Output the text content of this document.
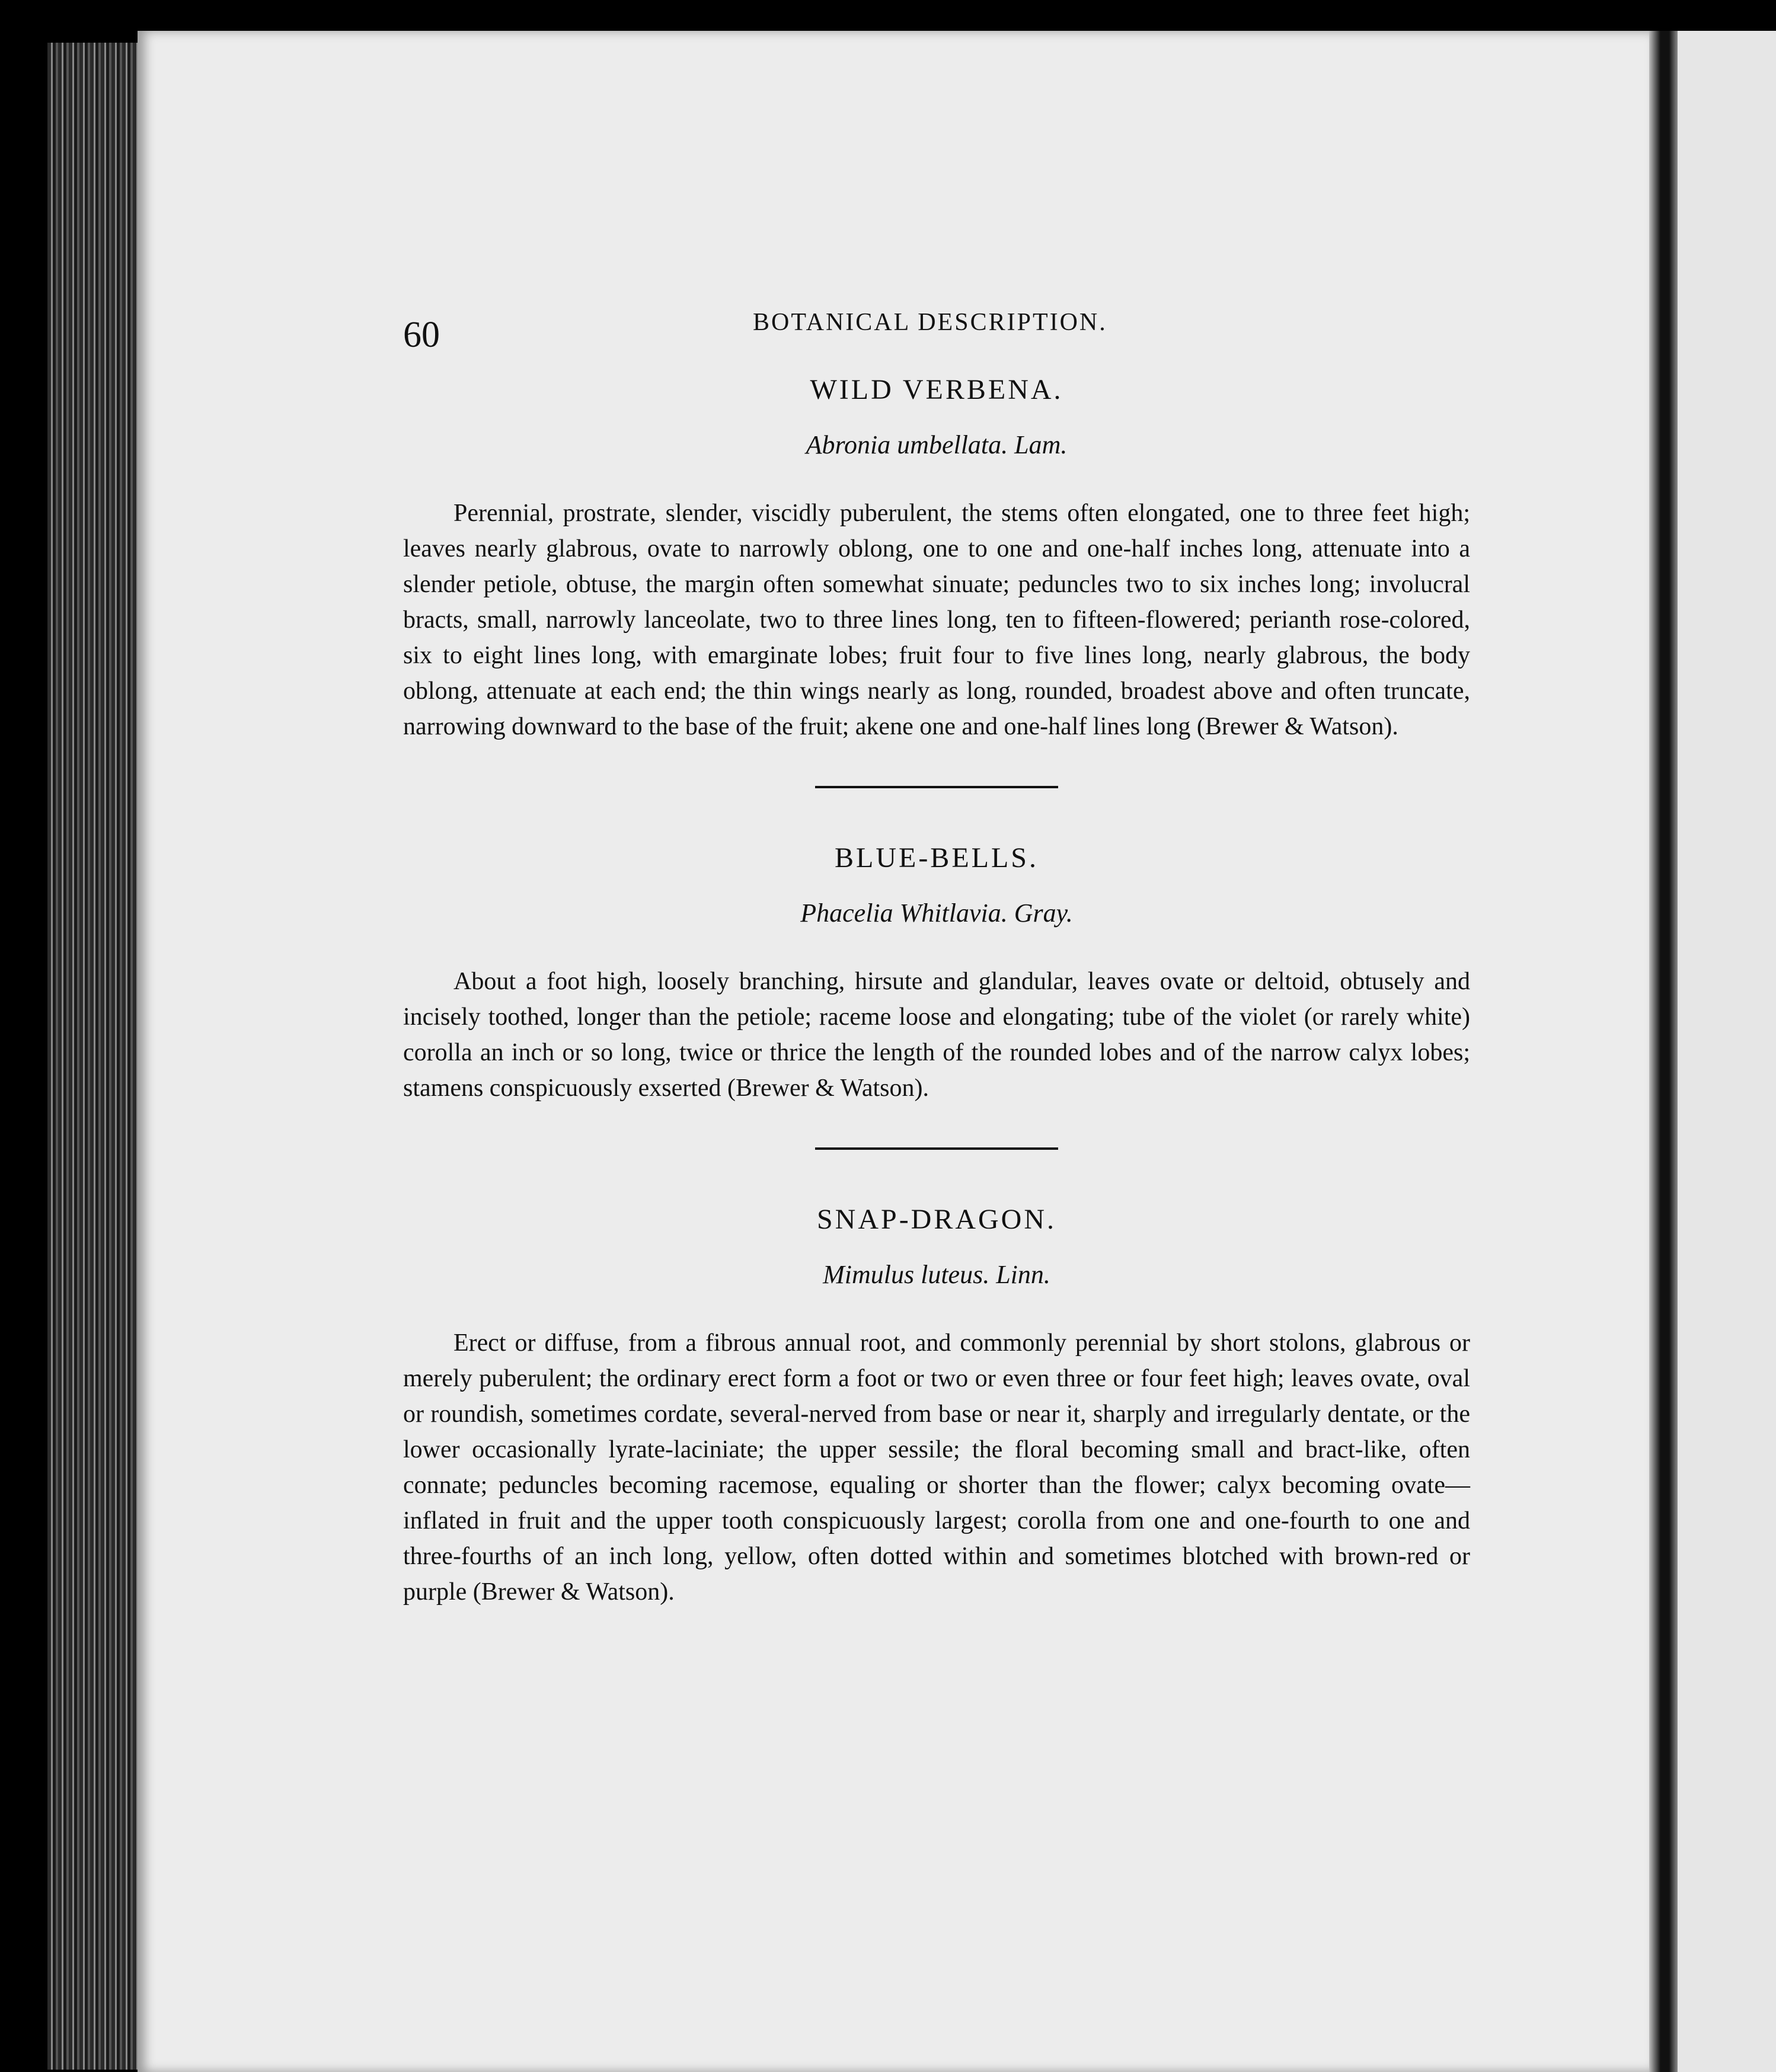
60	BOTANICAL DESCRIPTION.
WILD VERBENA.
Abronia umbellata. Lam.

Perennial, prostrate, slender, viscidly puberulent, the stems often elongated, one to three feet high; leaves nearly glabrous, ovate to narrowly oblong, one to one and one-half inches long, attenuate into a slender petiole, obtuse, the margin often somewhat sinuate; peduncles two to six inches long; involucral bracts, small, narrowly lanceolate, two to three lines long, ten to fifteen-flowered; perianth rose-colored, six to eight lines long, with emarginate lobes; fruit four to five lines long, nearly glabrous, the body oblong, attenuate at each end; the thin wings nearly as long, rounded, broadest above and often truncate, narrowing downward to the base of the fruit; akene one and one-half lines long (Brewer & Watson).

BLUE-BELLS.
Phacelia Whitlavia. Gray.

About a foot high, loosely branching, hirsute and glandular, leaves ovate or deltoid, obtusely and incisely toothed, longer than the petiole; raceme loose and elongating; tube of the violet (or rarely white) corolla an inch or so long, twice or thrice the length of the rounded lobes and of the narrow calyx lobes; stamens conspicuously exserted (Brewer & Watson).

SNAP-DRAGON.
Mimulus luteus. Linn.

Erect or diffuse, from a fibrous annual root, and commonly perennial by short stolons, glabrous or merely puberulent; the ordinary erect form a foot or two or even three or four feet high; leaves ovate, oval or roundish, sometimes cordate, several-nerved from base or near it, sharply and irregularly dentate, or the lower occasionally lyrate-laciniate; the upper sessile; the floral becoming small and bract-like, often connate; peduncles becoming racemose, equaling or shorter than the flower; calyx becoming ovate—inflated in fruit and the upper tooth conspicuously largest; corolla from one and one-fourth to one and three-fourths of an inch long, yellow, often dotted within and sometimes blotched with brown-red or purple (Brewer & Watson).
